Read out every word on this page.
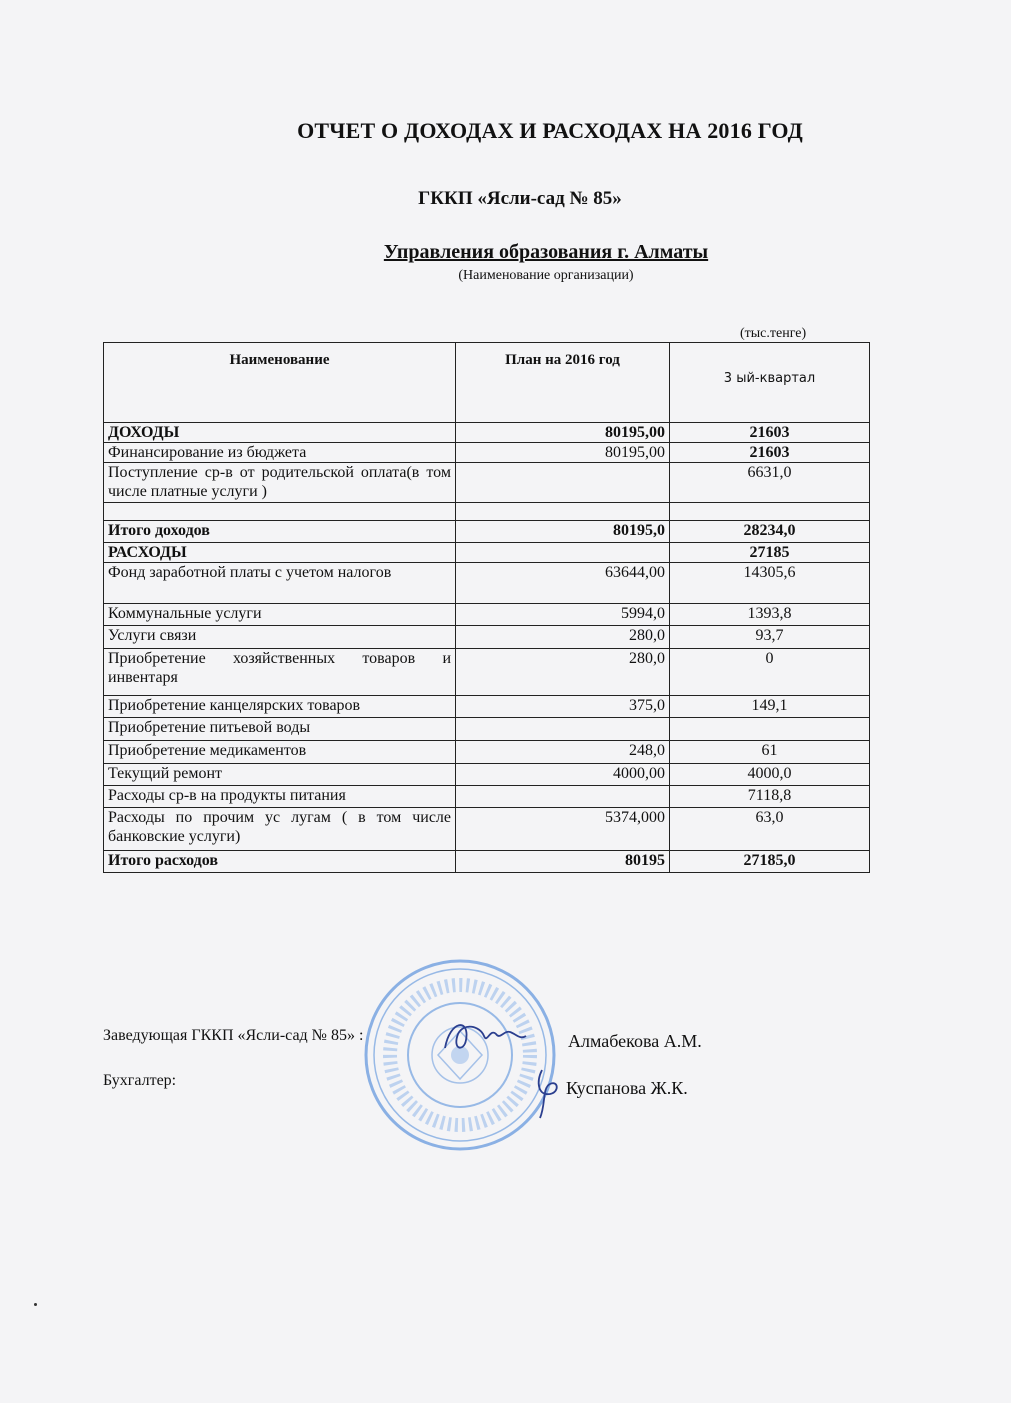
ОТЧЕТ О ДОХОДАХ И РАСХОДАХ НА 2016 ГОД
ГККП «Ясли-сад № 85»
Управления образования г. Алматы
(Наименование организации)
(тыс.тенге)
Наименование	План на 2016 год	3 ый-квартал

ДОХОДЫ	80195,00	21603
Финансирование из бюджета	80195,00	21603
Поступление ср-в от родительской оплата(в том числе платные услуги )		6631,0

Итого доходов	80195,0	28234,0
РАСХОДЫ		27185
Фонд заработной платы с учетом налогов	63644,00	14305,6
Коммунальные услуги	5994,0	1393,8
Услуги связи	280,0	93,7
Приобретение хозяйственных товаров и инвентаря	280,0	0
Приобретение канцелярских товаров	375,0	149,1
Приобретение питьевой воды		
Приобретение медикаментов	248,0	61
Текущий ремонт	4000,00	4000,0
Расходы ср-в на продукты питания		7118,8
Расходы по прочим ус лугам ( в том числе банковские услуги)	5374,000	63,0
Итого расходов	80195	27185,0
Заведующая ГККП «Ясли-сад № 85» :	Алмабекова А.М.
Бухгалтер:	Куспанова Ж.К.
